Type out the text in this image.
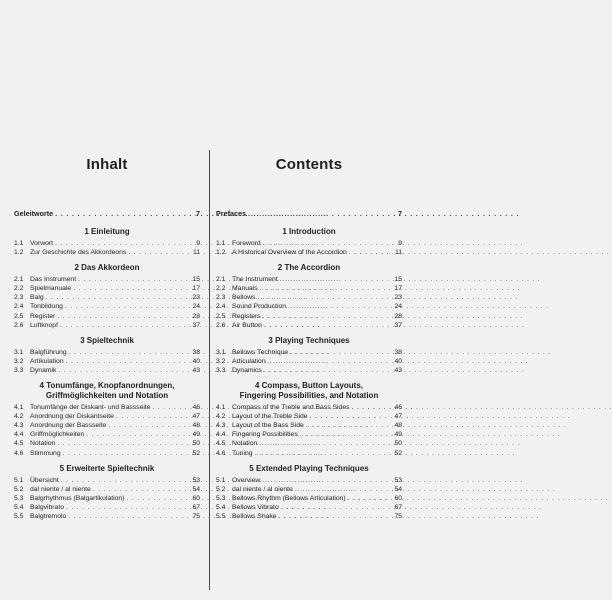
Inhalt
Geleitworte . . .	7
1 Einleitung
1.1 Vorwort . . .	9
1.2 Zur Geschichte des Akkordeons . . .	11
2 Das Akkordeon
2.1 Das Instrument . . .	15
2.2 Spielmanuale . . .	17
2.3 Balg . . .	23
2.4 Tonbildung . . .	24
2.5 Register . . .	28
2.6 Luftknopf . . .	37
3 Spieltechnik
3.1 Balgführung . . .	38
3.2 Artikulation . . .	40
3.3 Dynamik . . .	43
4 Tonumfänge, Knopfanordnungen,
Griffmöglichkeiten und Notation
4.1 Tonumfänge der Diskant- und Bassseite . . .	46
4.2 Anordnung der Diskantseite . . .	47
4.3 Anordnung der Bassseite . . .	48
4.4 Griffmöglichkeiten . . .	49
4.5 Notation . . .	50
4.6 Stimmung . . .	52
5 Erweiterte Spieltechnik
5.1 Übersicht . . .	53
5.2 dal niente / al niente . . .	54
5.3 Balgrhythmus (Balgartikulation) . . .	60
5.4 Balgvibrato . . .	67
5.5 Balgtremolo . . .	75
Contents
Prefaces . . .	7
1 Introduction
1.1 Foreword . . .	9
1.2 A Historical Overview of the Accordion . . .	11
2 The Accordion
2.1 The Instrument . . .	15
2.2 Manuals . . .	17
2.3 Bellows . . .	23
2.4 Sound Production . . .	24
2.5 Registers . . .	28
2.6 Air Button . . .	37
3 Playing Techniques
3.1 Bellows Technique . . .	38
3.2 Articulation . . .	40
3.3 Dynamics . . .	43
4 Compass, Button Layouts,
Fingering Possibilities, and Notation
4.1 Compass of the Treble and Bass Sides . . .	46
4.2 Layout of the Treble Side . . .	47
4.3 Layout of the Bass Side . . .	48
4.4 Fingering Possibilities . . .	49
4.5 Notation . . .	50
4.6 Tuning . . .	52
5 Extended Playing Techniques
5.1 Overview . . .	53
5.2 dal niente / al niente . . .	54
5.3 Bellows Rhythm (Bellows Articulation) . . .	60
5.4 Bellows Vibrato . . .	67
5.5 Bellows Shake . . .	75
